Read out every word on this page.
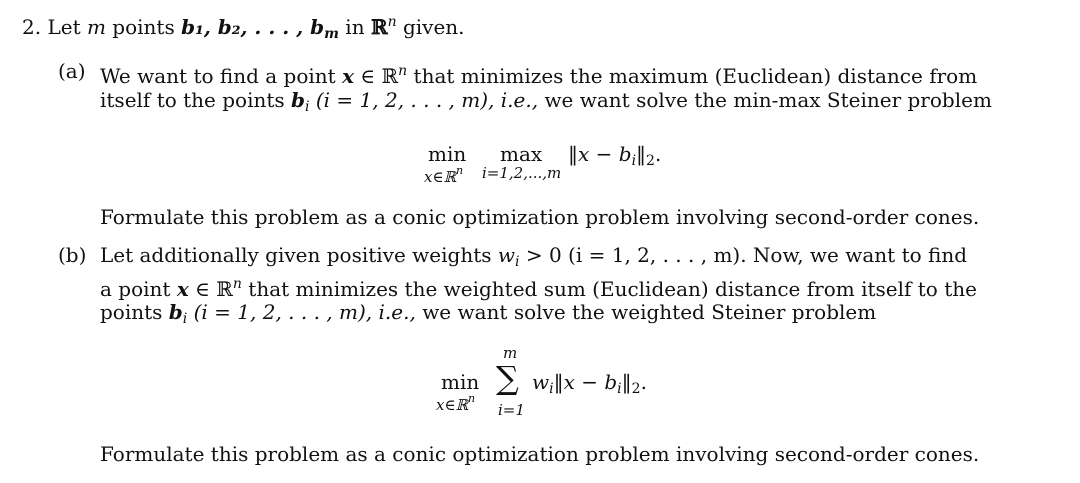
2. Let m points b₁, b₂, . . . , $b_m$ in ℝ$^n$ given.
(a) We want to find a point x ∈ ℝ$^n$ that minimizes the maximum (Euclidean) distance from
itself to the points $b_i$ (i = 1, 2, . . . , m), i.e., we want solve the min-max Steiner problem
min max ‖x − $b_i‖_2$.
x∈ℝ$^n$ i=1,2,...,m
Formulate this problem as a conic optimization problem involving second-order cones.
(b) Let additionally given positive weights $w_i > 0$ (i = 1, 2, . . . , m). Now, we want to find
a point x ∈ ℝ$^n$ that minimizes the weighted sum (Euclidean) distance from itself to the
points $b_i$ (i = 1, 2, . . . , m), i.e., we want solve the weighted Steiner problem
m
min ∑ $w_i‖x$ − $b_i‖_2$.
x∈ℝ$^n$
i=1
Formulate this problem as a conic optimization problem involving second-order cones.
